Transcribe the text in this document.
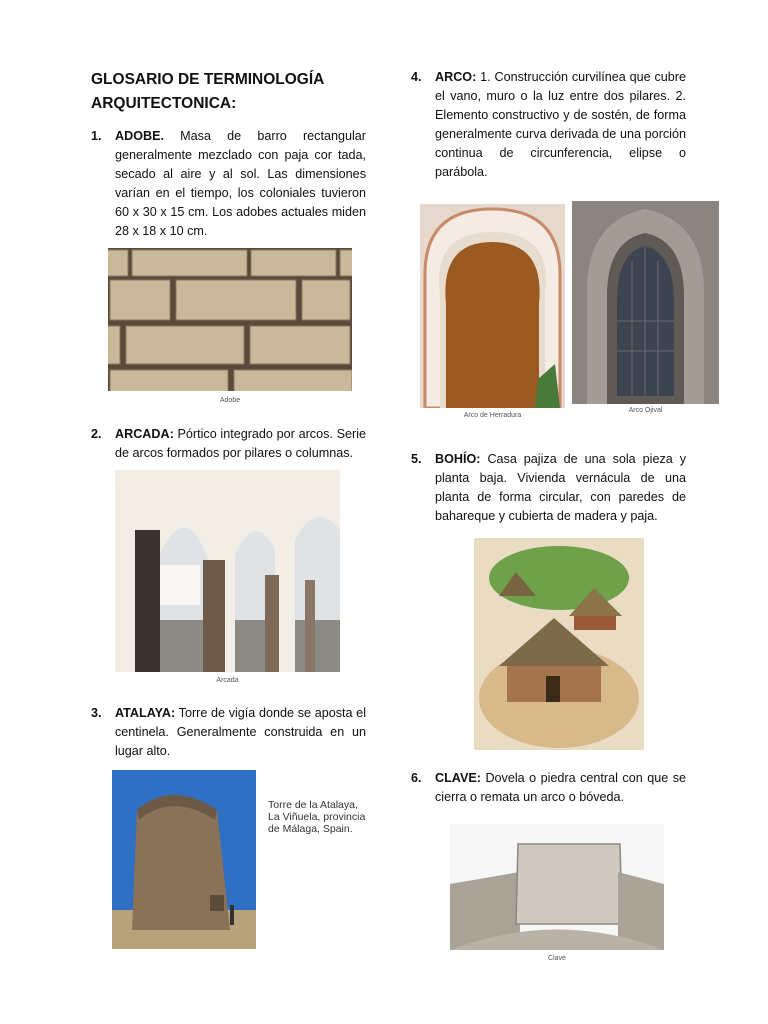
GLOSARIO DE TERMINOLOGÍA
ARQUITECTONICA:
1. ADOBE. Masa de barro rectangular generalmente mezclado con paja cor tada, secado al aire y al sol. Las dimensiones varían en el tiempo, los coloniales tuvieron 60 x 30 x 15 cm. Los adobes actuales miden 28 x 18 x 10 cm.
Adobe
2. ARCADA: Pórtico integrado por arcos. Serie de arcos formados por pilares o columnas.
Arcada
3. ATALAYA: Torre de vigía donde se aposta el centinela. Generalmente construida en un lugar alto.
Torre de la Atalaya, La Viñuela, provincia de Málaga, Spain.
4. ARCO: 1. Construcción curvilínea que cubre el vano, muro o la luz entre dos pilares. 2. Elemento constructivo y de sostén, de forma generalmente curva derivada de una porción continua de circunferencia, elipse o parábola.
Arco de Herradura
Arco Ojival
5. BOHÍO: Casa pajiza de una sola pieza y planta baja. Vivienda vernácula de una planta de forma circular, con paredes de bahareque y cubierta de madera y paja.
6. CLAVE: Dovela o piedra central con que se cierra o remata un arco o bóveda.
Clave
